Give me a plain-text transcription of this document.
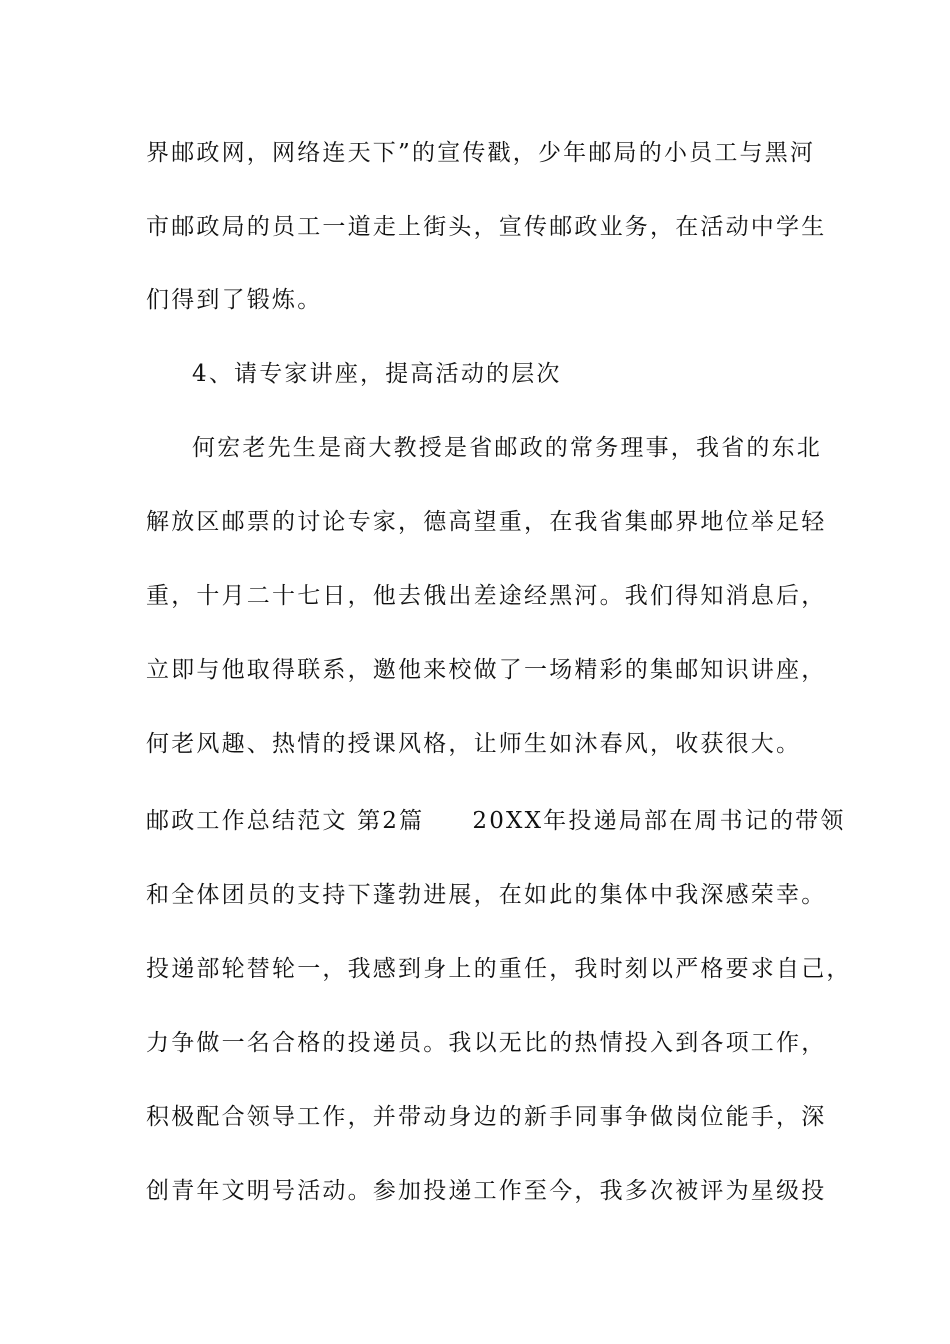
界邮政网，网络连天下”的宣传戳，少年邮局的小员工与黑河
市邮政局的员工一道走上街头，宣传邮政业务，在活动中学生
们得到了锻炼。
4、请专家讲座，提高活动的层次
何宏老先生是商大教授是省邮政的常务理事，我省的东北
解放区邮票的讨论专家，德高望重，在我省集邮界地位举足轻
重，十月二十七日，他去俄出差途经黑河。我们得知消息后，
立即与他取得联系，邀他来校做了一场精彩的集邮知识讲座，
何老风趣、热情的授课风格，让师生如沐春风，收获很大。
邮政工作总结范文 第2篇 20XX年投递局部在周书记的带领
和全体团员的支持下蓬勃进展，在如此的集体中我深感荣幸。
投递部轮替轮一，我感到身上的重任，我时刻以严格要求自己，
力争做一名合格的投递员。我以无比的热情投入到各项工作，
积极配合领导工作，并带动身边的新手同事争做岗位能手，深
创青年文明号活动。参加投递工作至今，我多次被评为星级投
